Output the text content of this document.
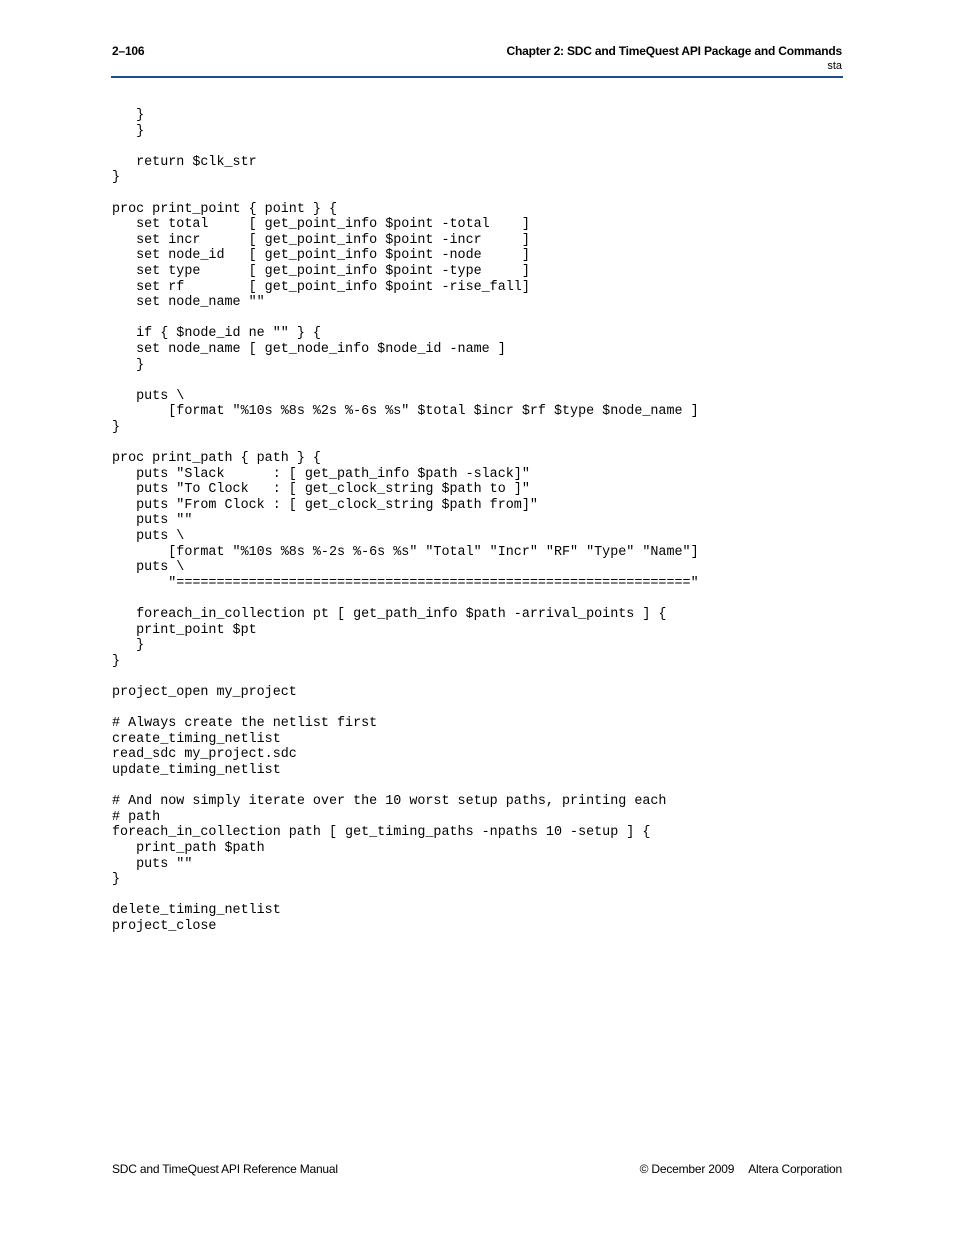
2–106	Chapter 2: SDC and TimeQuest API Package and Commands
sta
}
}

return $clk_str
}

proc print_point { point } {
set total     [ get_point_info $point -total    ]
set incr      [ get_point_info $point -incr     ]
set node_id   [ get_point_info $point -node     ]
set type      [ get_point_info $point -type     ]
set rf        [ get_point_info $point -rise_fall]
set node_name ""

if { $node_id ne "" } {
set node_name [ get_node_info $node_id -name ]
}

puts \
[format "%10s %8s %2s %-6s %s" $total $incr $rf $type $node_name ]
}

proc print_path { path } {
puts "Slack      : [ get_path_info $path -slack]"
puts "To Clock   : [ get_clock_string $path to ]"
puts "From Clock : [ get_clock_string $path from]"
puts ""
puts \
[format "%10s %8s %-2s %-6s %s" "Total" "Incr" "RF" "Type" "Name"]
puts \
"================================================================"

foreach_in_collection pt [ get_path_info $path -arrival_points ] {
print_point $pt
}
}

project_open my_project

# Always create the netlist first
create_timing_netlist
read_sdc my_project.sdc
update_timing_netlist

# And now simply iterate over the 10 worst setup paths, printing each
# path
foreach_in_collection path [ get_timing_paths -npaths 10 -setup ] {
print_path $path
puts ""
}

delete_timing_netlist
project_close
SDC and TimeQuest API Reference Manual	© December 2009 Altera Corporation
